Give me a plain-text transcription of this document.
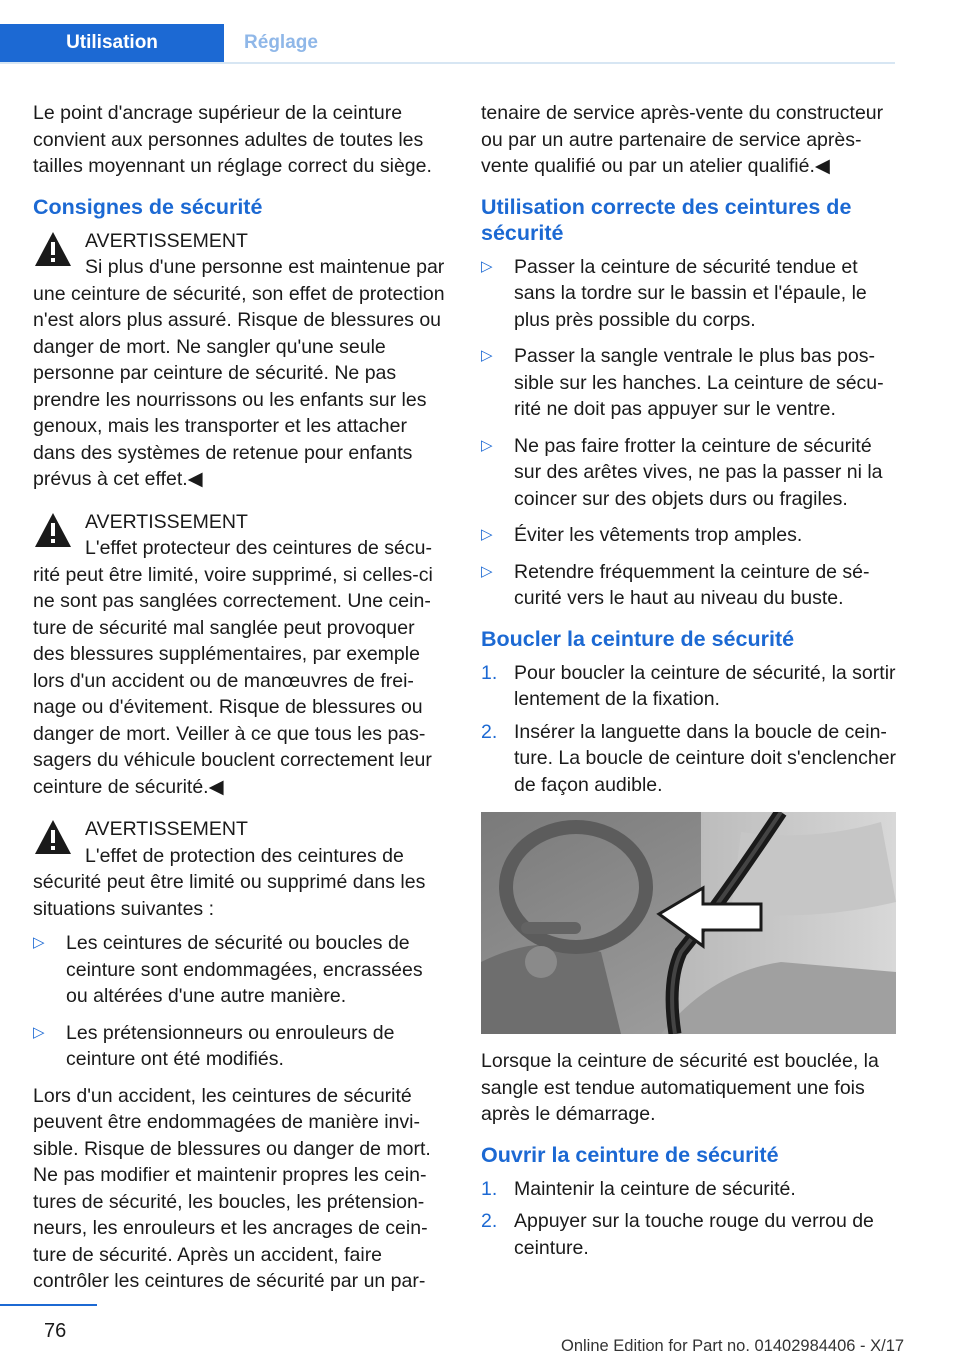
Utilisation	Réglage

Le point d'ancrage supérieur de la ceinture convient aux personnes adultes de toutes les tailles moyennant un réglage correct du siège.

Consignes de sécurité
AVERTISSEMENT

Si plus d'une personne est maintenue par une ceinture de sécurité, son effet de protection n'est alors plus assuré. Risque de blessures ou danger de mort. Ne sangler qu'une seule personne par ceinture de sécurité. Ne pas prendre les nourrissons ou les enfants sur les genoux, mais les transporter et les attacher dans des systèmes de retenue pour enfants prévus à cet effet.◀

AVERTISSEMENT

L'effet protecteur des ceintures de sécurité peut être limité, voire supprimé, si celles-ci ne sont pas sanglées correctement. Une ceinture de sécurité mal sanglée peut provoquer des blessures supplémentaires, par exemple lors d'un accident ou de manœuvres de freinage ou d'évitement. Risque de blessures ou danger de mort. Veiller à ce que tous les passagers du véhicule bouclent correctement leur ceinture de sécurité.◀

AVERTISSEMENT

L'effet de protection des ceintures de sécurité peut être limité ou supprimé dans les situations suivantes :

▷ Les ceintures de sécurité ou boucles de ceinture sont endommagées, encrassées ou altérées d'une autre manière.
▷ Les prétensionneurs ou enrouleurs de ceinture ont été modifiés.

Lors d'un accident, les ceintures de sécurité peuvent être endommagées de manière invisible. Risque de blessures ou danger de mort. Ne pas modifier et maintenir propres les ceintures de sécurité, les boucles, les prétensionneurs, les enrouleurs et les ancrages de ceinture de sécurité. Après un accident, faire contrôler les ceintures de sécurité par un par-

tenaire de service après-vente du constructeur ou par un autre partenaire de service après-vente qualifié ou par un atelier qualifié.◀

Utilisation correcte des ceintures de sécurité
▷ Passer la ceinture de sécurité tendue et sans la tordre sur le bassin et l'épaule, le plus près possible du corps.
▷ Passer la sangle ventrale le plus bas possible sur les hanches. La ceinture de sécurité ne doit pas appuyer sur le ventre.
▷ Ne pas faire frotter la ceinture de sécurité sur des arêtes vives, ne pas la passer ni la coincer sur des objets durs ou fragiles.
▷ Éviter les vêtements trop amples.
▷ Retendre fréquemment la ceinture de sécurité vers le haut au niveau du buste.
Boucler la ceinture de sécurité
1. Pour boucler la ceinture de sécurité, la sortir lentement de la fixation.
2. Insérer la languette dans la boucle de ceinture. La boucle de ceinture doit s'enclencher de façon audible.

Lorsque la ceinture de sécurité est bouclée, la sangle est tendue automatiquement une fois après le démarrage.

Ouvrir la ceinture de sécurité
1. Maintenir la ceinture de sécurité.
2. Appuyer sur la touche rouge du verrou de ceinture.
76
Online Edition for Part no. 01402984406 - X/17
